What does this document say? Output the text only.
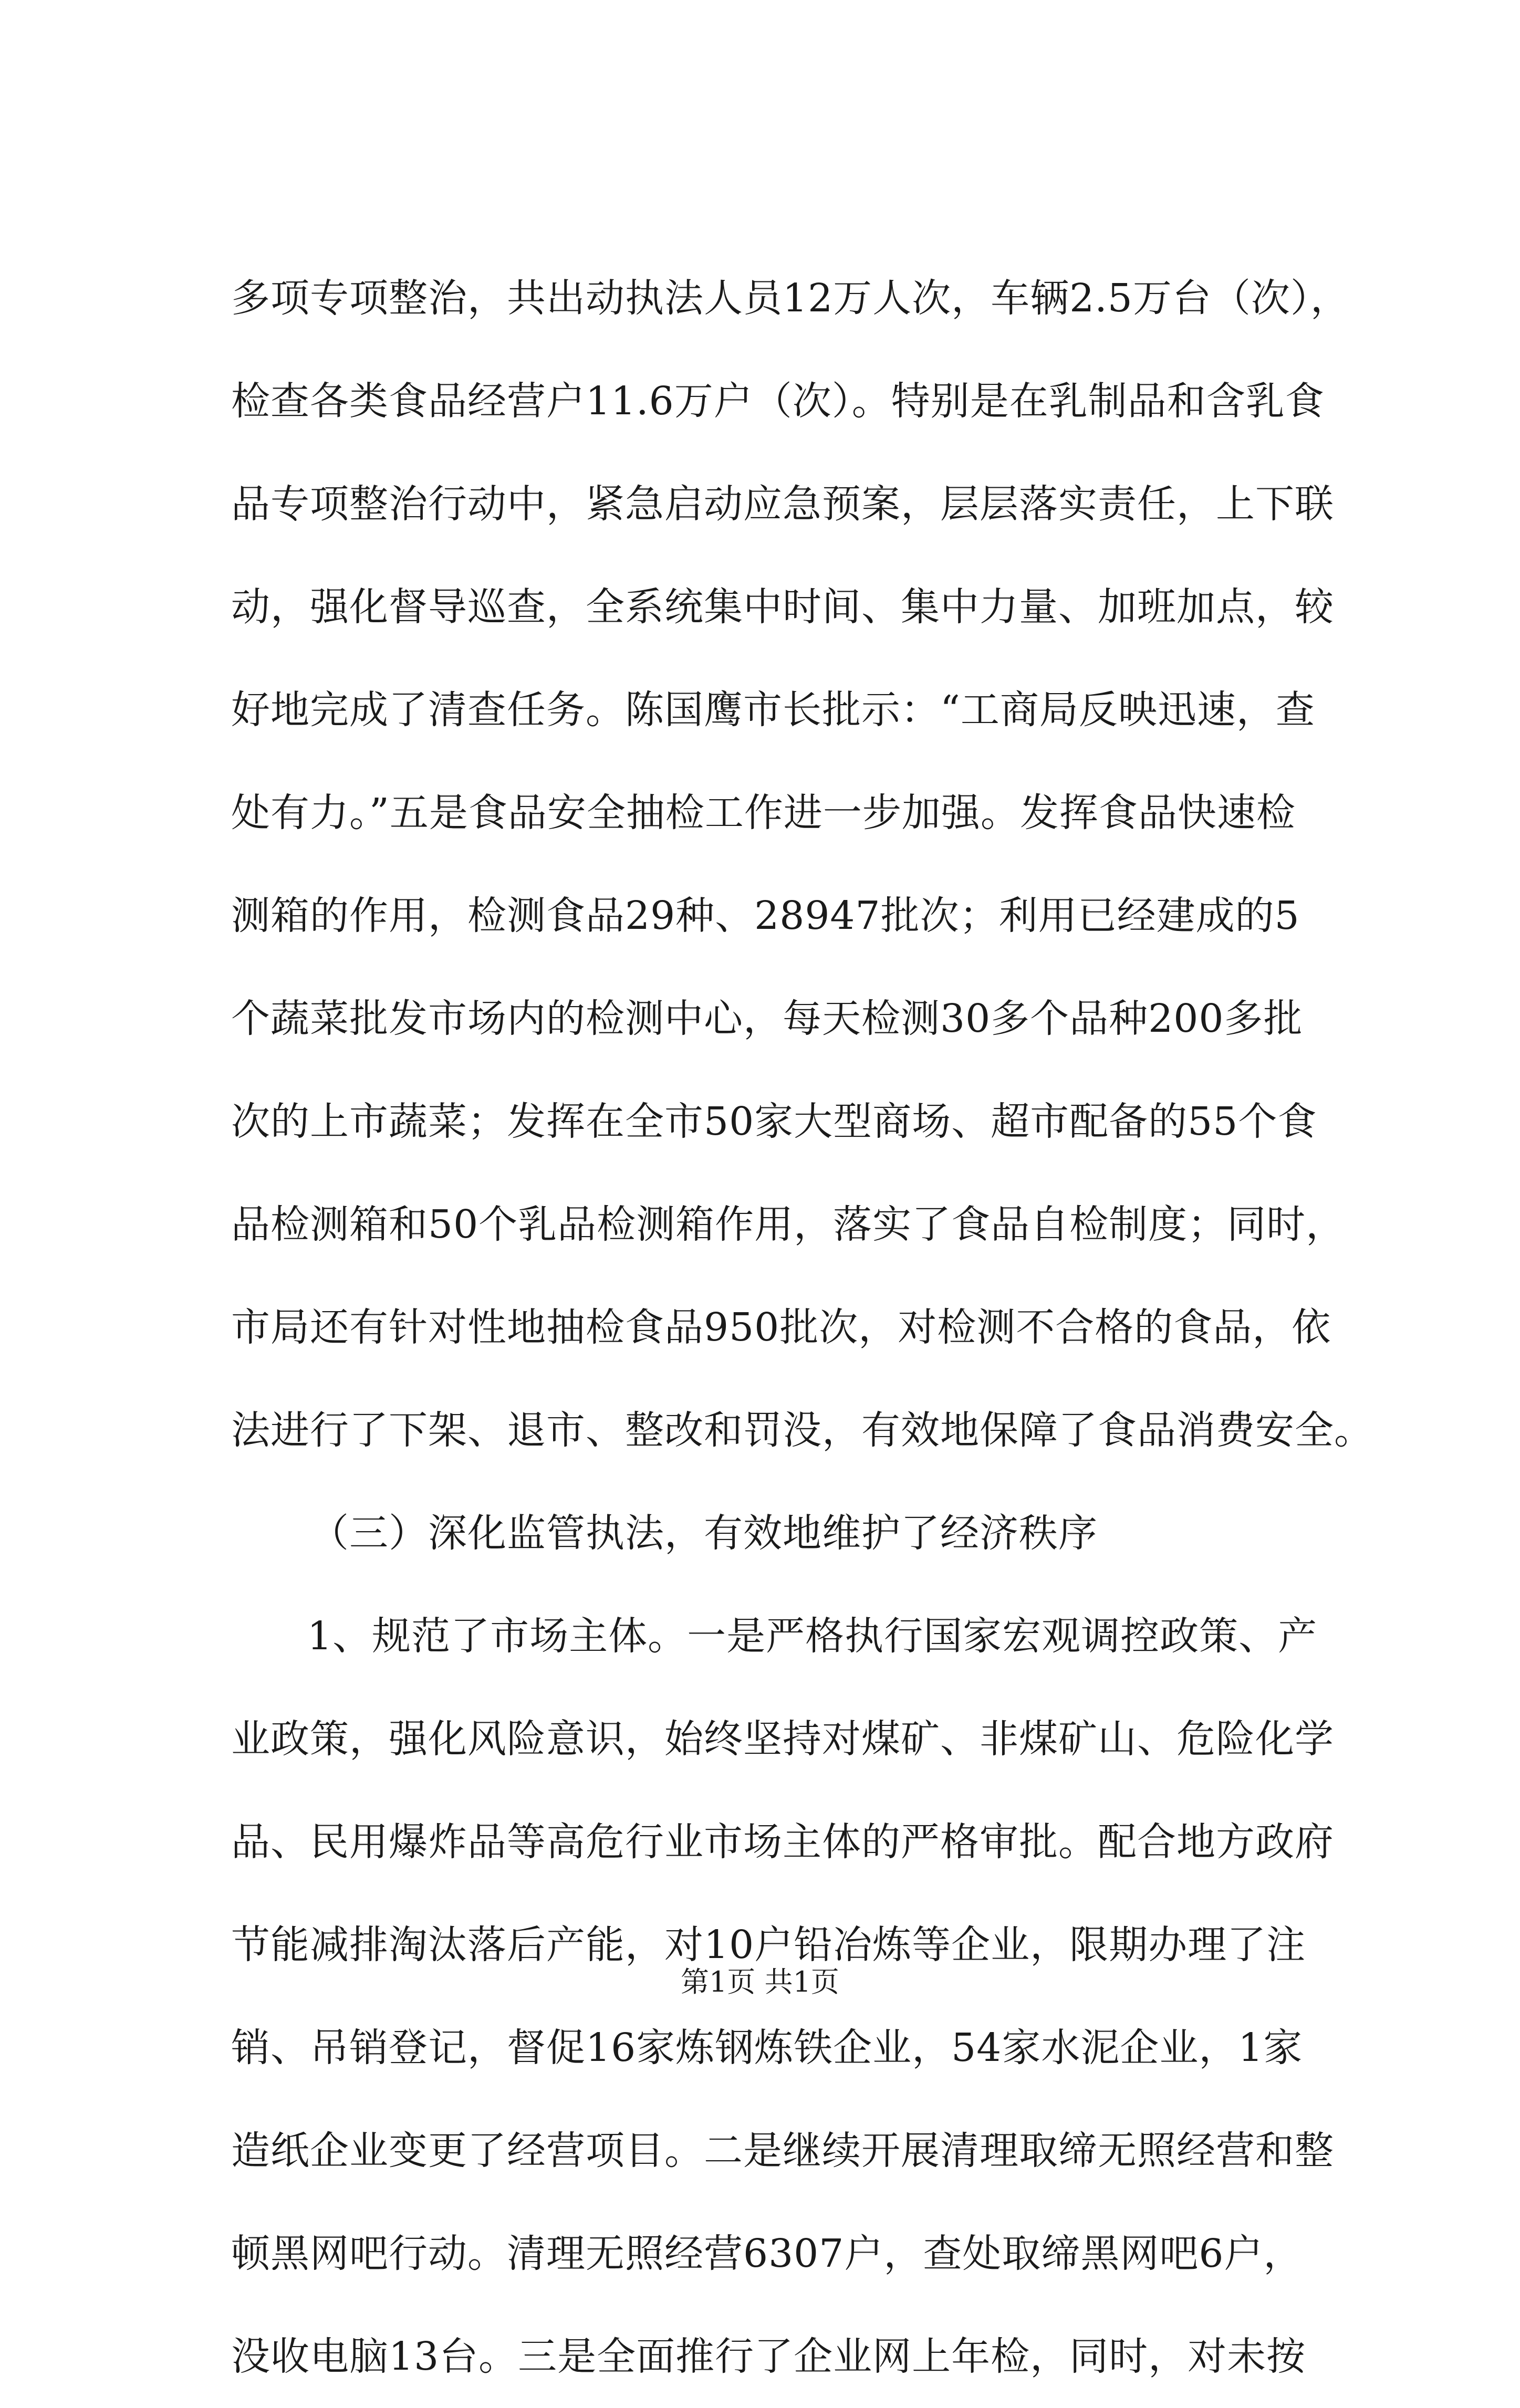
多项专项整治，共出动执法人员12万人次，车辆2.5万台（次），
检查各类食品经营户11.6万户（次）。特别是在乳制品和含乳食
品专项整治行动中，紧急启动应急预案，层层落实责任，上下联
动，强化督导巡查，全系统集中时间、集中力量、加班加点，较
好地完成了清查任务。陈国鹰市长批示：“工商局反映迅速，查
处有力。”五是食品安全抽检工作进一步加强。发挥食品快速检
测箱的作用，检测食品29种、28947批次；利用已经建成的5
个蔬菜批发市场内的检测中心，每天检测30多个品种200多批
次的上市蔬菜；发挥在全市50家大型商场、超市配备的55个食
品检测箱和50个乳品检测箱作用，落实了食品自检制度；同时，
市局还有针对性地抽检食品950批次，对检测不合格的食品，依
法进行了下架、退市、整改和罚没，有效地保障了食品消费安全。
（三）深化监管执法，有效地维护了经济秩序
1、规范了市场主体。一是严格执行国家宏观调控政策、产
业政策，强化风险意识，始终坚持对煤矿、非煤矿山、危险化学
品、民用爆炸品等高危行业市场主体的严格审批。配合地方政府
节能减排淘汰落后产能，对10户铅冶炼等企业，限期办理了注
销、吊销登记，督促16家炼钢炼铁企业，54家水泥企业，1家
造纸企业变更了经营项目。二是继续开展清理取缔无照经营和整
顿黑网吧行动。清理无照经营6307户，查处取缔黑网吧6户，
没收电脑13台。三是全面推行了企业网上年检，同时，对未按
第1页 共1页
